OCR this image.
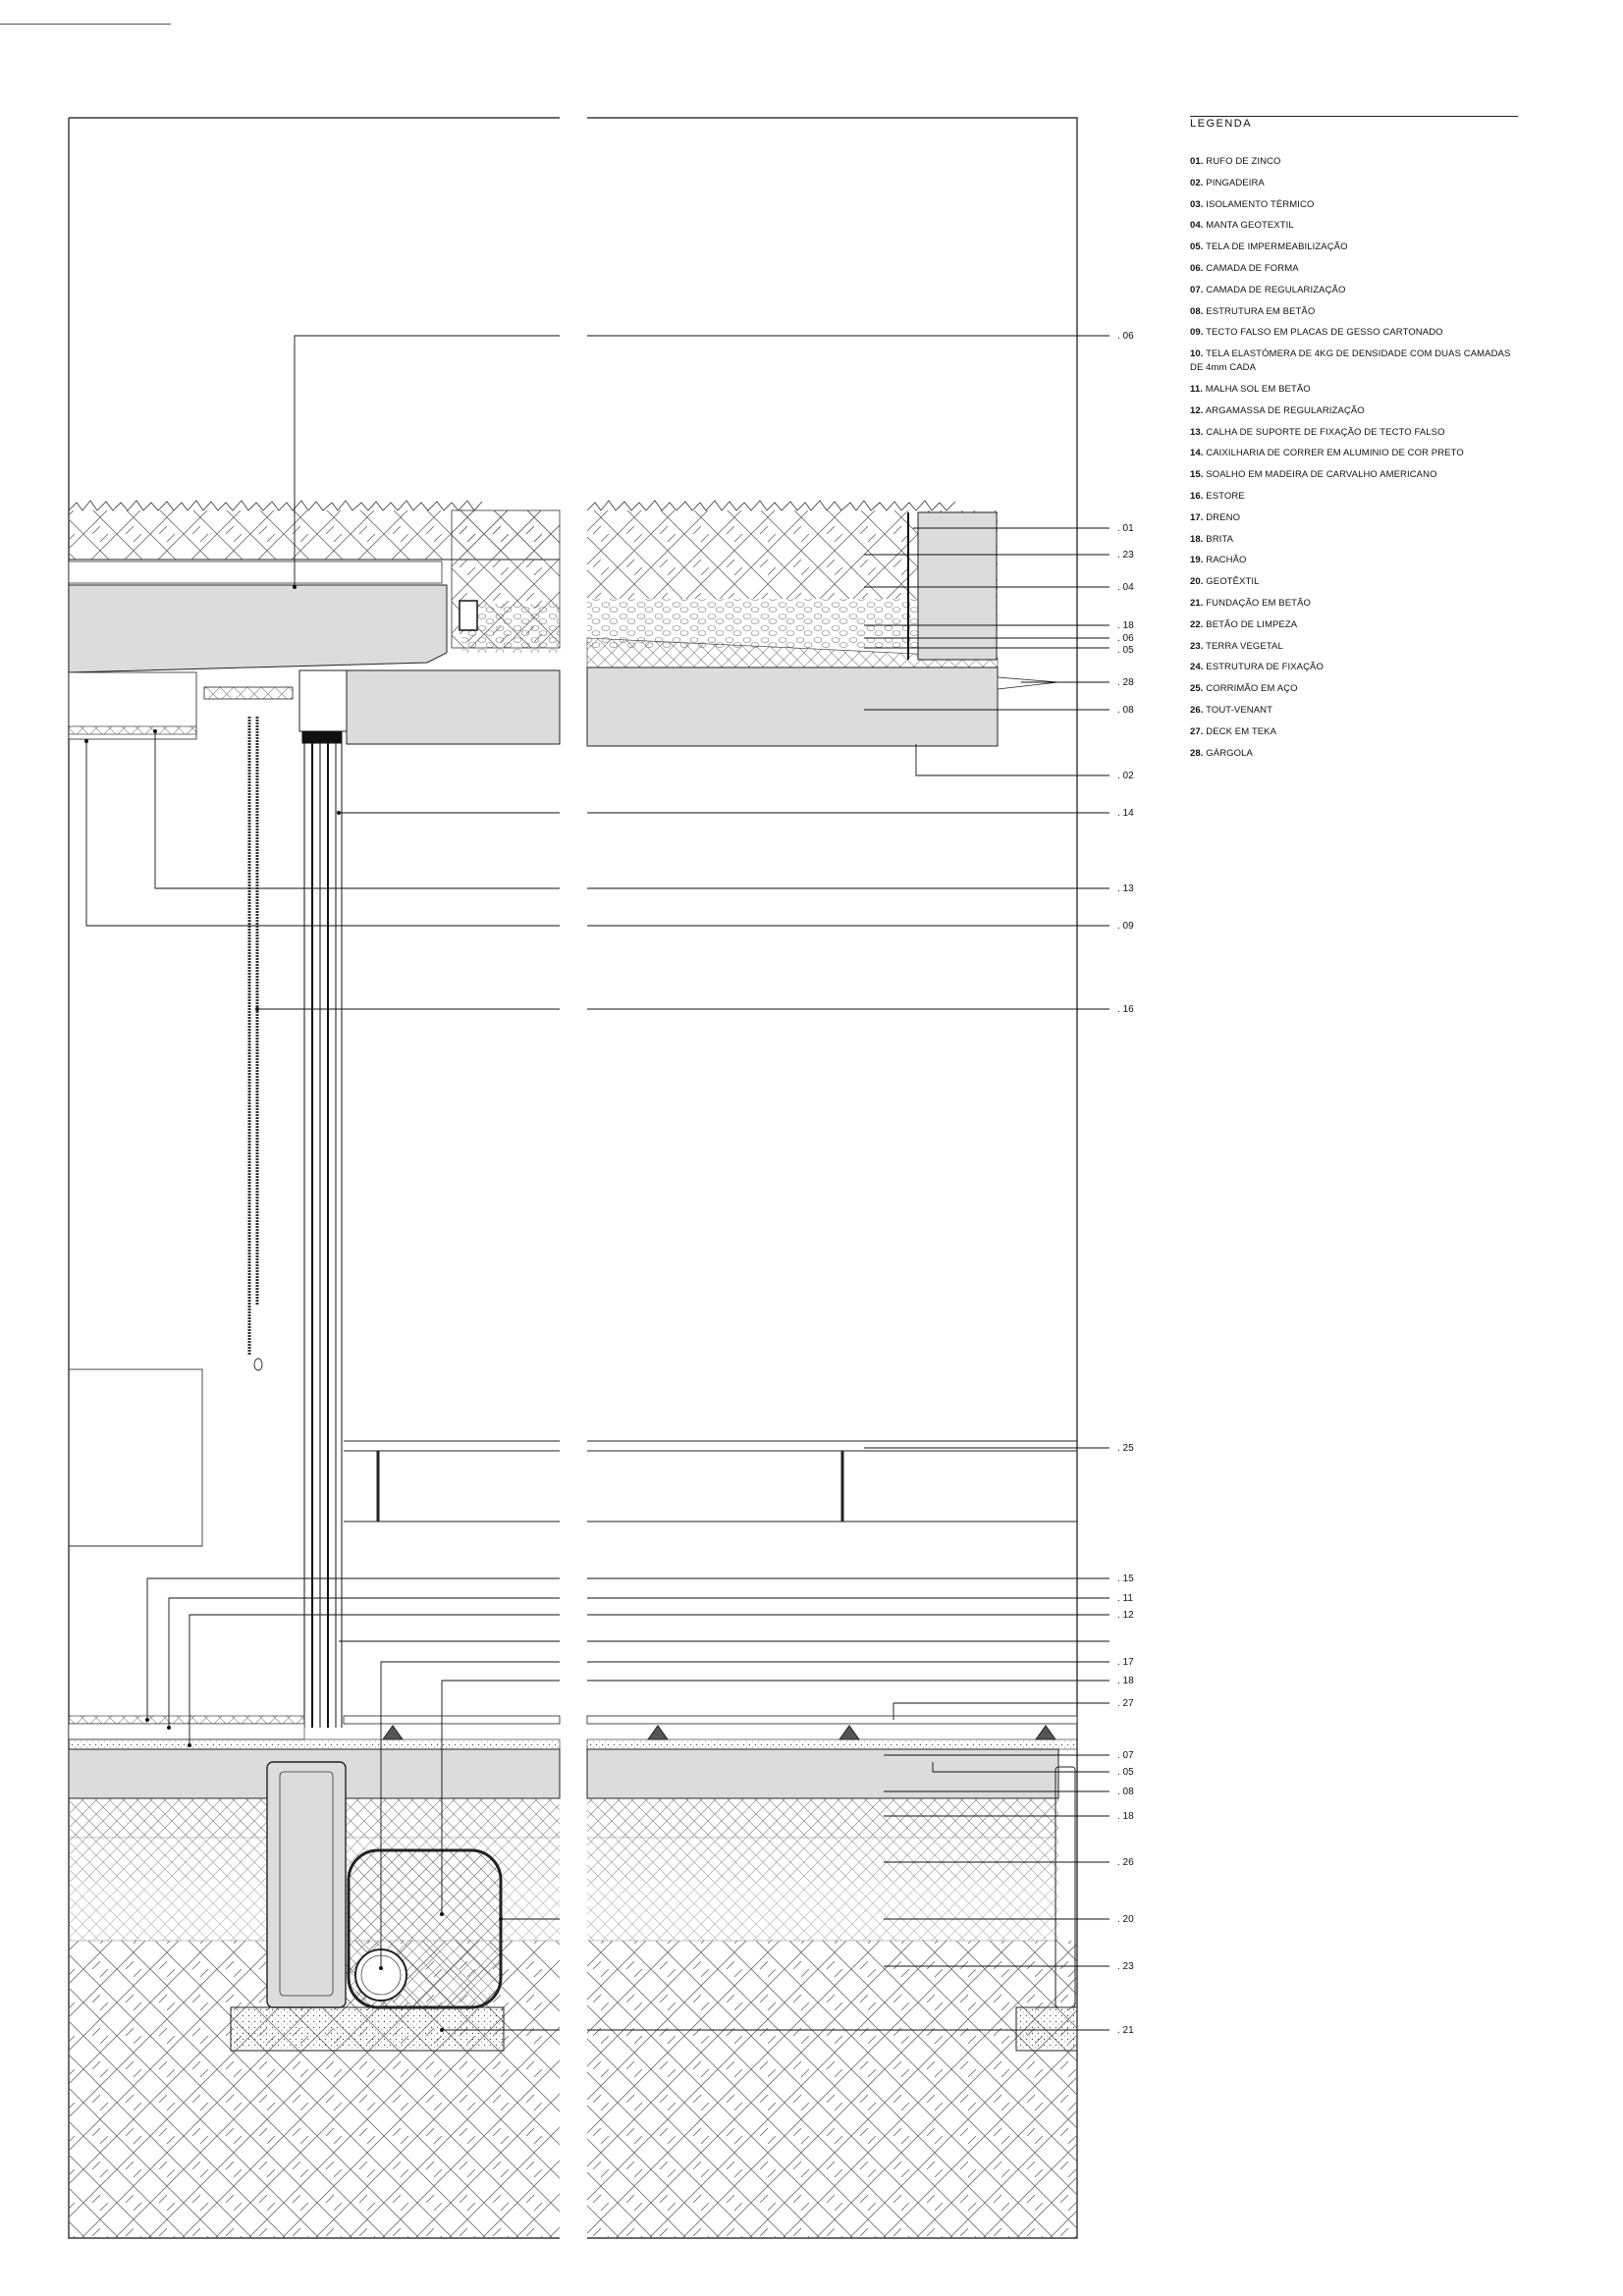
. 06
. 01
. 23
. 04
. 18
. 06
. 05
. 28
. 08
. 02
. 14
. 13
. 09
. 16
. 25
. 15
. 11
. 12
. 17
. 18
. 27
. 07
. 05
. 08
. 18
. 26
. 20
. 23
. 21
LEGENDA
01. RUFO DE ZINCO
02. PINGADEIRA
03. ISOLAMENTO TÉRMICO
04. MANTA GEOTEXTIL
05. TELA DE IMPERMEABILIZAÇÃO
06. CAMADA DE FORMA
07. CAMADA DE REGULARIZAÇÃO
08. ESTRUTURA EM BETÃO
09. TECTO FALSO EM PLACAS DE GESSO CARTONADO
10. TELA ELASTÓMERA DE 4KG DE DENSIDADE COM DUAS CAMADAS DE 4mm CADA
11. MALHA SOL EM BETÃO
12. ARGAMASSA DE REGULARIZAÇÃO
13. CALHA DE SUPORTE DE FIXAÇÃO DE TECTO FALSO
14. CAIXILHARIA DE CORRER EM ALUMINIO DE COR PRETO
15. SOALHO EM MADEIRA DE CARVALHO AMERICANO
16. ESTORE
17. DRENO
18. BRITA
19. RACHÃO
20. GEOTÊXTIL
21. FUNDAÇÃO EM BETÃO
22. BETÃO DE LIMPEZA
23. TERRA VEGETAL
24. ESTRUTURA DE FIXAÇÃO
25. CORRIMÃO EM AÇO
26. TOUT-VENANT
27. DECK EM TEKA
28. GÁRGOLA
